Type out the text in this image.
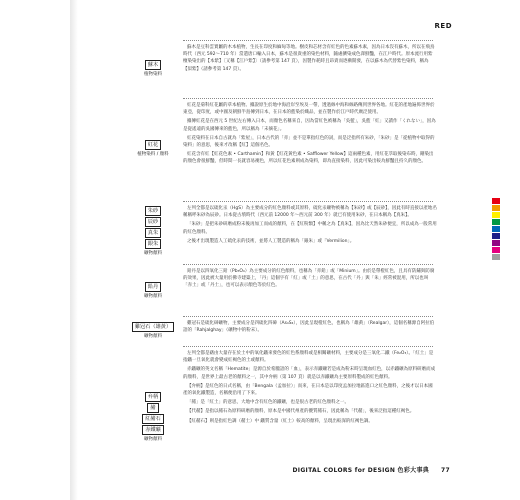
RED
蘇木
植物染料

蘇木是豆科雲實屬的木本植物，生長在印度和緬甸等地。樹皮和芯材含有紅色的色素蘇木素，因為日本沒有蘇木，所以在飛鳥時代（西元 592～710 年）當遣唐口輸入日本，蘇木是很貴重的染色材料，隨處擴染成色澤鮮豔，在江戶時代。原本流行用紫檀染染出的【本紫】〔又稱【江戶紫】〕（請參考第 147 頁），因製作耗時且昂貴而逐漸開發，在以蘇木為代替紫色染料，稱為【似紫】（請參考第 147 頁）。

紅花
植物染料 / 顏料

紅花是菊科紅花屬的草本植物。據說原生於地中海沿岸至埃及一帶，透過絲中海和絲路傳到世界各地。紅花的產地遍佈世界於東亞，從印度，或中國及朝鮮半島傳到日本，在日本的藍染於織品，並在製作於江戶時代廣泛使用。

據傳紅花是在西元 5 世紀左右傳入日本，而顏色名稱來自，因為當紅色被稱為「吳藍」，吳藍「紅」又讀作「くれない」，因為是從遙遠的吳國傳來的藍色，所以稱為「末摘花」。

紅花染料在日本自古就為「紫屋」，日本古代的「赤」並不是單指紅色的詞，而是泛指所有朱砂，「朱砂」是「從植物中取得的染料」的意思，後來才改稱【紅】這個名色。

紅花含有紅【紅花色素 • Carthamin】和黃【紅花黃色素 • Safflower Yellow】這兩種色素，用紅花萃取後染布時，剛染出的顏色會很鮮豔，但時間一長就容易褪色，所以紅花色素則成為染料，即為直接染料，因此可染出較為鮮豔且持久的顏色。

朱砂
辰砂
真朱
銀朱
礦物顏料

左列全都是以硫化汞（HgS）為主要成分的紅色顏料或其原料，硫化汞礦物被稱為【朱砂】或【辰砂】，因此有時直接以產地名稱稱呼朱砂為辰砂。日本從古墳時代（西元前 12000 年～西元前 300 年）就已有使用朱砂，在日本稱為【真朱】。

「朱砂」是把朱砂研磨成粉末後再加工而成的顏料，在【紅粉類】中稱之為【真朱】，因為比天然朱砂便宜，所以成為一般常用的紅色顏料。

之後才出現製造人工硫化汞的技術，並將人工製造的稱為「銀朱」或「Vermilion」。

鉛丹
礦物顏料

鉛丹是以四氧化三鉛（Pb₃O₄）為主要成分的紅色顏料，也稱為「赤鉛」或「Minium」。由於是帶橙紅色，且具有防鏽與防腐的效果，因此被大量用於佛寺建築上，「丹」這個字有「紅」或「土」的意思，在古代「丹」與「朱」經常被混用，所以也叫「赤土」或「丹土」，也可以表示顏色等於紅色。

雞冠石（雄黃）
礦物顏料

雞冠石是硫化砷礦物，主要成分是四硫化四砷（As₄S₄），因此呈現橙紅色，也稱為「雄黃」（Realgar），這個名稱源自阿拉伯語的「Rahjalghay」（礦物中的粉末）。

弁柄
赭
紅赭石
赤鐵礦
礦物顏料

左列全都是藉由大量存在於土中的氧化鐵來發色的紅色系顏料或是相關礦材料，主要成分是三氧化二鐵（Fe₂O₃）。「紅土」是指鐵一旦氧化就會變成紅褐色的土或顏料。

赤鐵礦的英文名稱「Hematite」是源自於希臘語的「血」，表示赤鐵礦若是成為粉末時呈現血紅色，以赤鐵礦為原料研磨而成的顏料，是世界上最古老的顏料之一，其中弁柄（第 107 頁）就是以赤鐵礦為主要原料製成的紅色顏料。

【弁柄】是紅色的日式名稱，由「Bengala（孟加拉）」而來，在日本是以印度孟加拉地區進口之紅色顏料，之後才以日本國產的氧化鐵製造，名稱便沿用了下來。

「赭」是「紅土」的意思，大地中含有紅色的鐵礦，也是很古老的紅色顏料之一。

【代赭】是指以赭石為原料研磨的顏料，原本是中國代州產的優質赭石，因此稱為「代赭」，後來泛指這種紅褐色。

【紅赭石】則是指紅色調（赭土）中 鐵質含量（紅土）較高的顏料，呈現出較深的紅褐色調。

DIGITAL COLORS for DESIGN 色彩大事典 77
